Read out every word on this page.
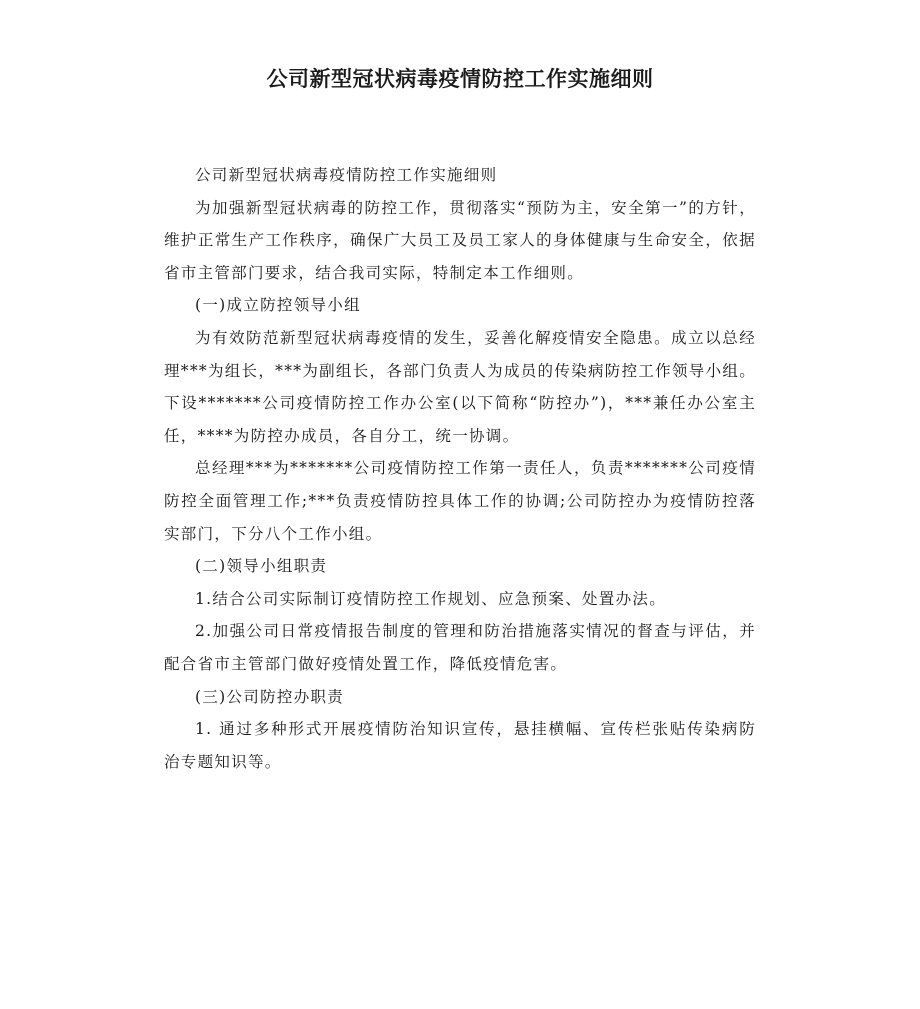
公司新型冠状病毒疫情防控工作实施细则

公司新型冠状病毒疫情防控工作实施细则

为加强新型冠状病毒的防控工作，贯彻落实“预防为主，安全第一”的方针，维护正常生产工作秩序，确保广大员工及员工家人的身体健康与生命安全，依据省市主管部门要求，结合我司实际，特制定本工作细则。

(一)成立防控领导小组

为有效防范新型冠状病毒疫情的发生，妥善化解疫情安全隐患。成立以总经理***为组长，***为副组长，各部门负责人为成员的传染病防控工作领导小组。下设*******公司疫情防控工作办公室(以下简称“防控办”)，***兼任办公室主任，****为防控办成员，各自分工，统一协调。

总经理***为*******公司疫情防控工作第一责任人，负责*******公司疫情防控全面管理工作;***负责疫情防控具体工作的协调;公司防控办为疫情防控落实部门，下分八个工作小组。

(二)领导小组职责

1.结合公司实际制订疫情防控工作规划、应急预案、处置办法。

2.加强公司日常疫情报告制度的管理和防治措施落实情况的督查与评估，并配合省市主管部门做好疫情处置工作，降低疫情危害。

(三)公司防控办职责

1. 通过多种形式开展疫情防治知识宣传，悬挂横幅、宣传栏张贴传染病防治专题知识等。
